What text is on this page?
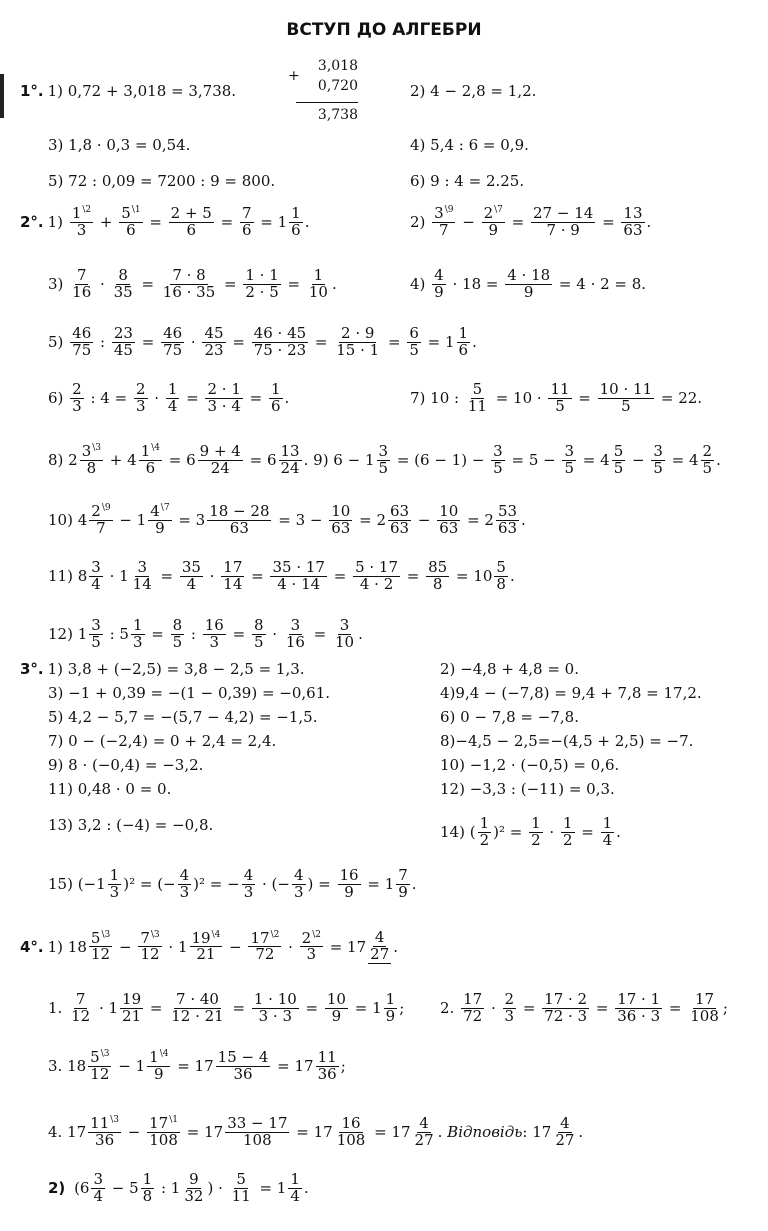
ВСТУП ДО АЛГЕБРИ
+
3,018
0,720
3,738
1°. 1) 0,72 + 3,018 = 3,738.	2) 4 − 2,8 = 1,2.
3) 1,8 · 0,3 = 0,54.	4) 5,4 : 6 = 0,9.
5) 72 : 0,09 = 7200 : 9 = 800.	6) 9 : 4 = 2.25.
2°. $1) \frac{1^{\backslash 2}}{3} + \frac{5^{\backslash 1}}{6} = \frac{2 + 5}{6} = \frac{7}{6} = 1 \frac{1}{6}$ .	$2) \frac{3^{\backslash 9}}{7} - \frac{2^{\backslash 7}}{9} = \frac{27 - 14}{7 \cdot 9} = \frac{13}{63}$ .
$3) \frac{7}{16} \cdot \frac{8}{35} = \frac{7 \cdot 8}{16 \cdot 35} = \frac{1 \cdot 1}{2 \cdot 5} = \frac{1}{10}$ .	$4) \frac{4}{9} \cdot 18 = \frac{4 \cdot 18}{9} = 4 \cdot 2 = 8$.
$5) \frac{46}{75}$ : $\frac{23}{45} = \frac{46}{75} \cdot \frac{45}{23} = \frac{46 \cdot 45}{75 \cdot 23} = \frac{2 \cdot 9}{15 \cdot 1} = \frac{6}{5} = 1 \frac{1}{6}$ .
$6) \frac{2}{3}$ : $4 = \frac{2}{3} \cdot \frac{1}{4} = \frac{2 \cdot 1}{3 \cdot 4} = \frac{1}{6}$ .	7) 10 : $\frac{5}{11} = 10 \cdot \frac{11}{5} = \frac{10 \cdot 11}{5} = 22$.
8) $2 \frac{3^{\backslash 3}}{8} + 4 \frac{1^{\backslash 4}}{6} = 6 \frac{9 + 4}{24} = 6 \frac{13}{24}$ . 9) $6 - 1 \frac{3}{5} = (6 - 1) - \frac{3}{5} = 5 - \frac{3}{5} = 4 \frac{5}{5} - \frac{3}{5} = 4 \frac{2}{5}$ .
10) $4 \frac{2^{\backslash 9}}{7} - 1 \frac{4^{\backslash 7}}{9} = 3 \frac{18 - 28}{63} = 3 - \frac{10}{63} = 2 \frac{63}{63} - \frac{10}{63} = 2 \frac{53}{63}$ .
11) $8 \frac{3}{4} \cdot 1 \frac{3}{14} = \frac{35}{4} \cdot \frac{17}{14} = \frac{35 \cdot 17}{4 \cdot 14} = \frac{5 \cdot 17}{4 \cdot 2} = \frac{85}{8} = 10 \frac{5}{8}$ .
12) $1 \frac{3}{5}$ : $5 \frac{1}{3} = \frac{8}{5}$ : $\frac{16}{3} = \frac{8}{5} \cdot \frac{3}{16} = \frac{3}{10}$ .
3°. 1) 3,8 + (−2,5) = 3,8 − 2,5 = 1,3.	2) −4,8 + 4,8 = 0.
3) −1 + 0,39 = −(1 − 0,39) = −0,61.	4)9,4 − (−7,8) = 9,4 + 7,8 = 17,2.
5) 4,2 − 5,7 = −(5,7 − 4,2) = −1,5.	6) 0 − 7,8 = −7,8.
7) 0 − (−2,4) = 0 + 2,4 = 2,4.	8)−4,5 − 2,5=−(4,5 + 2,5) = −7.
9) 8 · (−0,4) = −3,2.	10) −1,2 · (−0,5) = 0,6.
11) 0,48 · 0 = 0.	12) −3,3 : (−11) = 0,3.
13) 3,2 : (−4) = −0,8.	14) ( $\frac{1}{2} )^2 = \frac{1}{2} \cdot \frac{1}{2} = \frac{1}{4}$ .
15) $(-1 \frac{1}{3} )^2$ = (− $\frac{4}{3} )^2$ = − $\frac{4}{3}$ · (− $\frac{4}{3}$ ) = $\frac{16}{9} = 1 \frac{7}{9}$ .
4°. 1) $18 \frac{5^{\backslash 3}}{12} - \frac{7^{\backslash 3}}{12} \cdot 1 \frac{19^{\backslash 4}}{21} - \frac{17^{\backslash 2}}{72} \cdot \frac{2^{\backslash 2}}{3} = 17 \frac{4}{27}$ .
1. $\frac{7}{12} \cdot 1 \frac{19}{21} = \frac{7 \cdot 40}{12 \cdot 21} = \frac{1 \cdot 10}{3 \cdot 3} = \frac{10}{9} = 1 \frac{1}{9}$ ; 2. $\frac{17}{72} \cdot \frac{2}{3} = \frac{17 \cdot 2}{72 \cdot 3} = \frac{17 \cdot 1}{36 \cdot 3} = \frac{17}{108}$ ;
3. $18 \frac{5^{\backslash 3}}{12} - 1 \frac{1^{\backslash 4}}{9} = 17 \frac{15 - 4}{36} = 17 \frac{11}{36}$ ;
4. $17 \frac{11^{\backslash 3}}{36} - \frac{17^{\backslash 1}}{108} = 17 \frac{33 - 17}{108} = 17 \frac{16}{108} = 17 \frac{4}{27}$ . Відповідь : $17 \frac{4}{27}$ .
2) ($6 \frac{3}{4} - 5 \frac{1}{8}$ : $1 \frac{9}{32}$ ) · $\frac{5}{11} = 1 \frac{1}{4}$ .
